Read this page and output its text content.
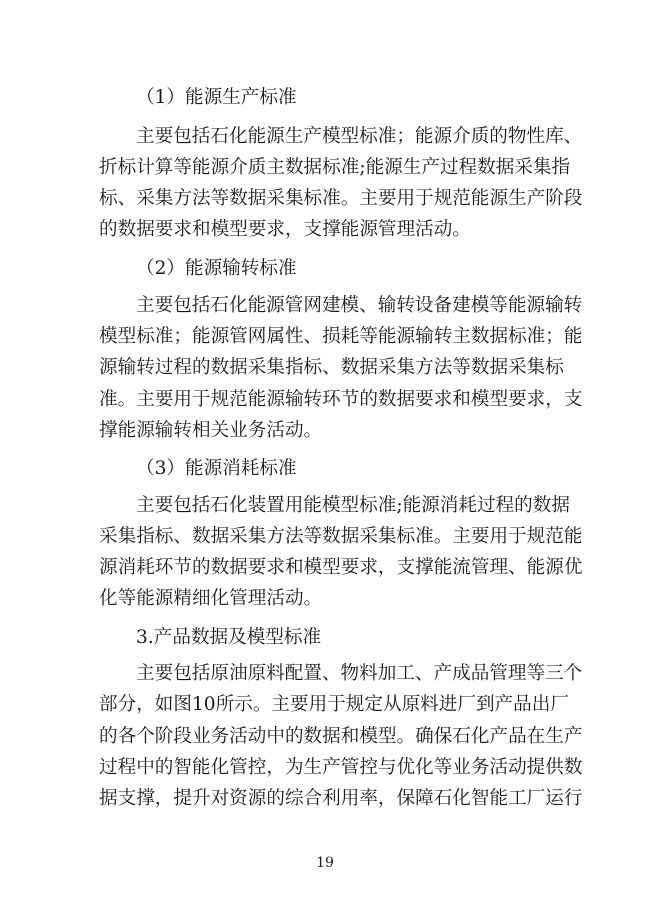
（1）能源生产标准
主要包括石化能源生产模型标准；能源介质的物性库、
折标计算等能源介质主数据标准;能源生产过程数据采集指
标、采集方法等数据采集标准。主要用于规范能源生产阶段
的数据要求和模型要求，支撑能源管理活动。
（2）能源输转标准
主要包括石化能源管网建模、输转设备建模等能源输转
模型标准；能源管网属性、损耗等能源输转主数据标准；能
源输转过程的数据采集指标、数据采集方法等数据采集标
准。主要用于规范能源输转环节的数据要求和模型要求，支
撑能源输转相关业务活动。
（3）能源消耗标准
主要包括石化装置用能模型标准;能源消耗过程的数据
采集指标、数据采集方法等数据采集标准。主要用于规范能
源消耗环节的数据要求和模型要求，支撑能流管理、能源优
化等能源精细化管理活动。
3.产品数据及模型标准
主要包括原油原料配置、物料加工、产成品管理等三个
部分，如图10所示。主要用于规定从原料进厂到产品出厂
的各个阶段业务活动中的数据和模型。确保石化产品在生产
过程中的智能化管控，为生产管控与优化等业务活动提供数
据支撑，提升对资源的综合利用率，保障石化智能工厂运行
19
